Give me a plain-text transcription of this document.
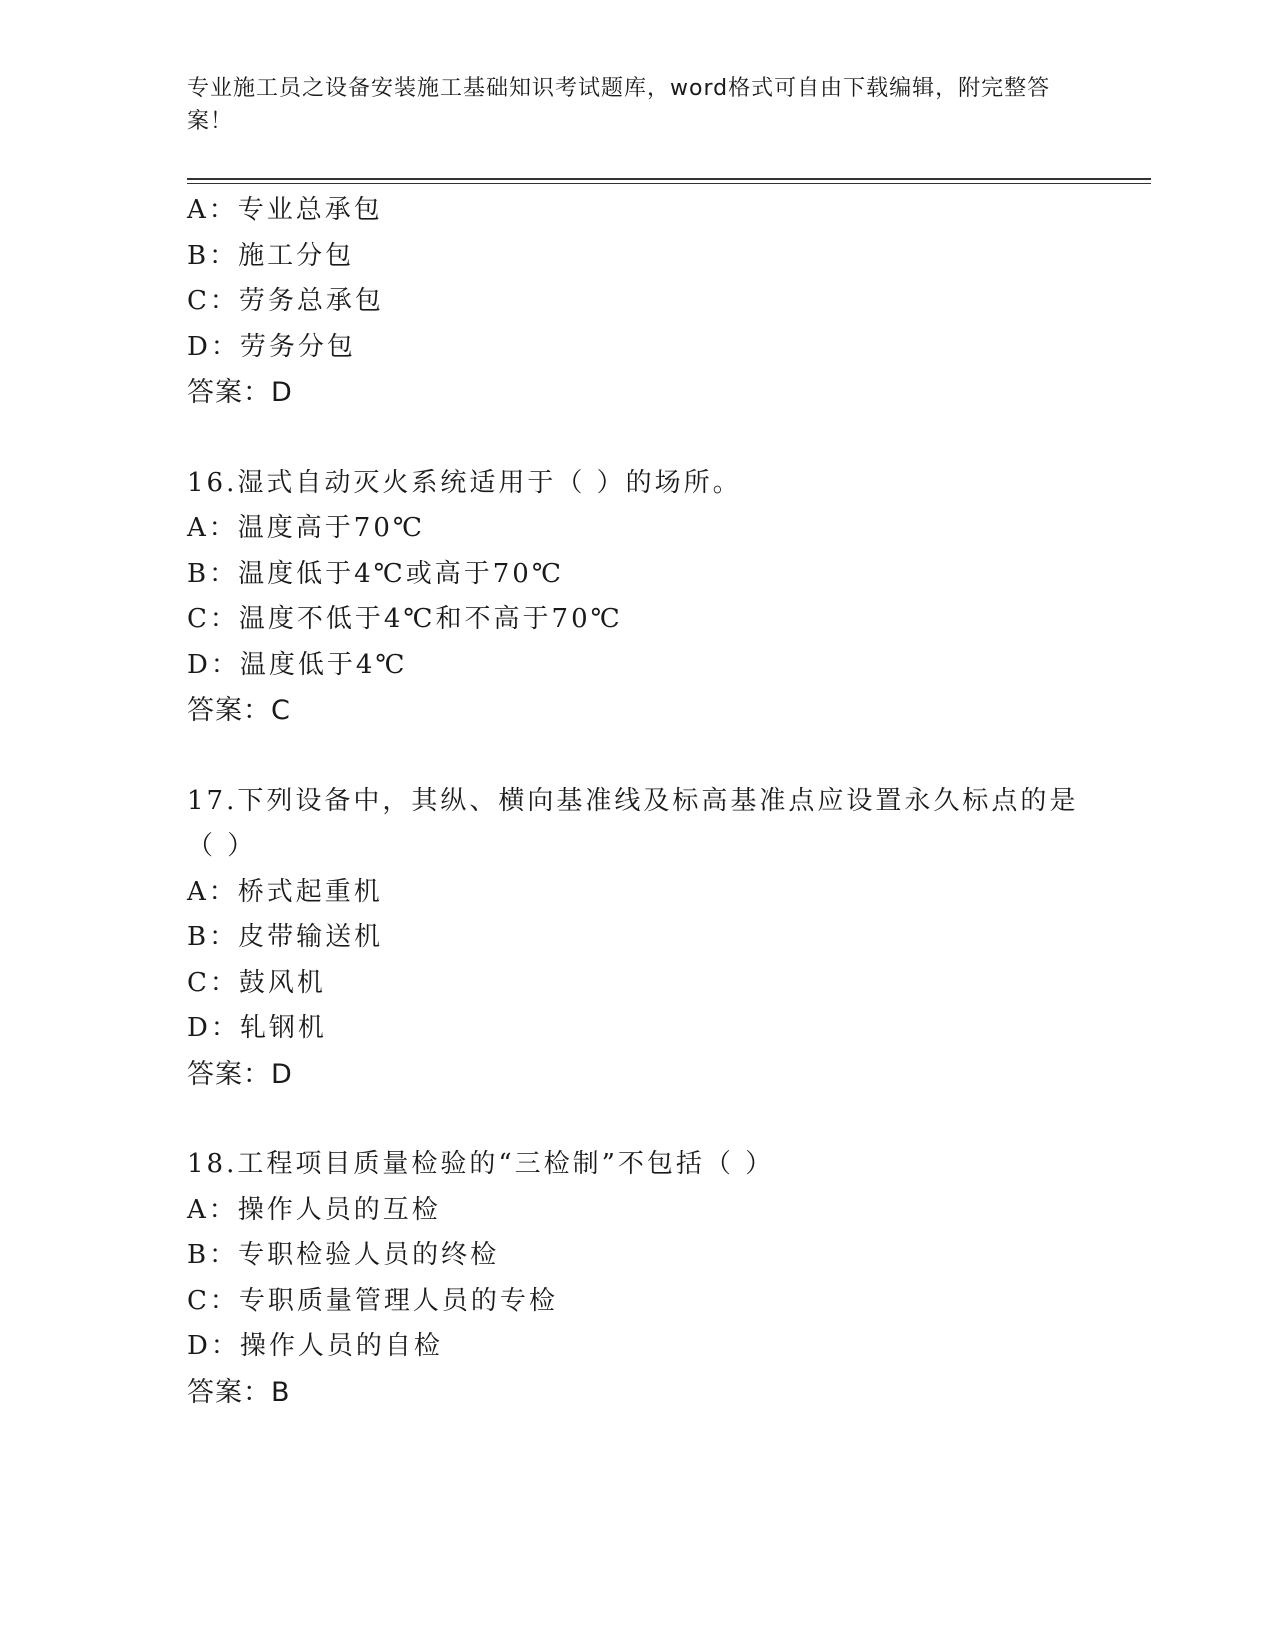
专业施工员之设备安装施工基础知识考试题库，word格式可自由下载编辑，附完整答案！
A：专业总承包
B：施工分包
C：劳务总承包
D：劳务分包
答案：D
16.湿式自动灭火系统适用于（ ）的场所。
A：温度高于70℃
B：温度低于4℃或高于70℃
C：温度不低于4℃和不高于70℃
D：温度低于4℃
答案：C
17.下列设备中，其纵、横向基准线及标高基准点应设置永久标点的是（ ）
A：桥式起重机
B：皮带输送机
C：鼓风机
D：轧钢机
答案：D
18.工程项目质量检验的“三检制”不包括（ ）
A：操作人员的互检
B：专职检验人员的终检
C：专职质量管理人员的专检
D：操作人员的自检
答案：B
